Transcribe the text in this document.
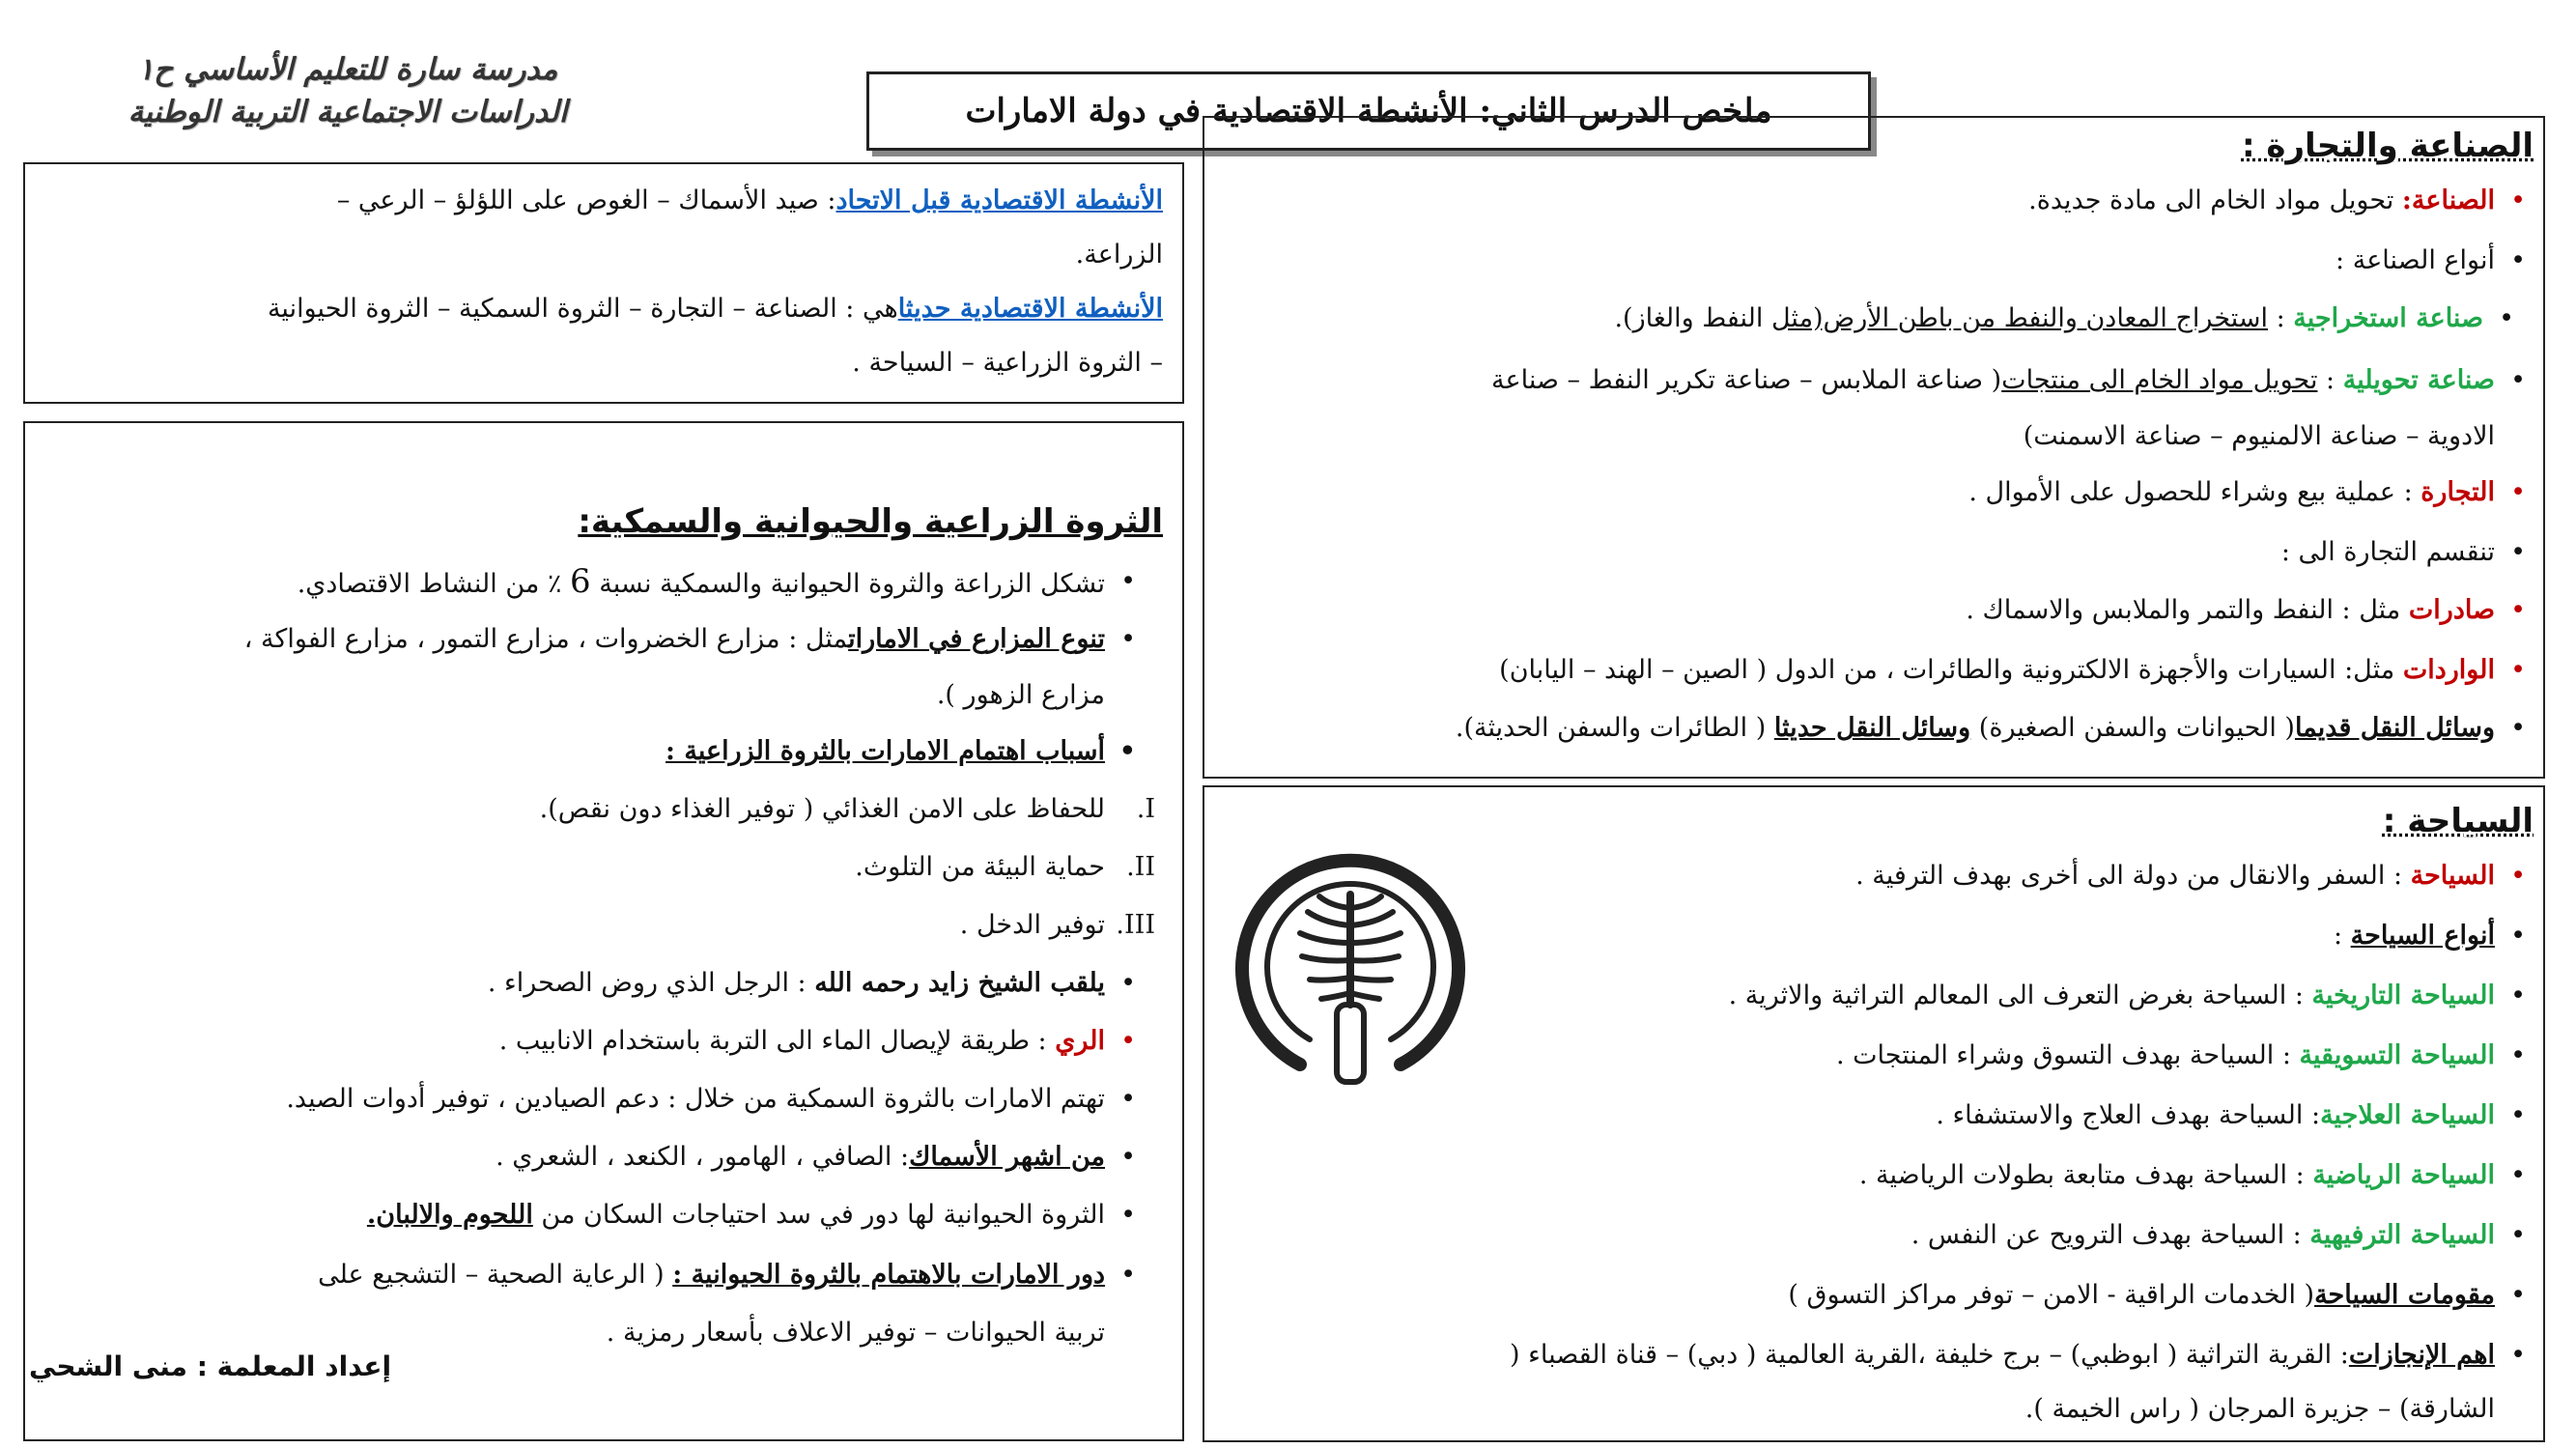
مدرسة سارة للتعليم الأساسي ح١
الدراسات الاجتماعية التربية الوطنية	ملخص الدرس الثاني: الأنشطة الاقتصادية في دولة الامارات
الصناعة والتجارة :
• الصناعة: تحويل مواد الخام الى مادة جديدة.
• أنواع الصناعة :
• صناعة استخراجية : استخراج المعادن والنفط من باطن الأرض(مثل النفط والغاز).
• صناعة تحويلية : تحويل مواد الخام الى منتجات( صناعة الملابس – صناعة تكرير النفط – صناعة
الادوية – صناعة الالمنيوم – صناعة الاسمنت)
• التجارة : عملية بيع وشراء للحصول على الأموال .
• تنقسم التجارة الى :
• صادرات مثل : النفط والتمر والملابس والاسماك .
• الواردات مثل: السيارات والأجهزة الالكترونية والطائرات ، من الدول ( الصين – الهند – اليابان)
• وسائل النقل قديما( الحيوانات والسفن الصغيرة) وسائل النقل حديثا ( الطائرات والسفن الحديثة).
السياحة :
• السياحة : السفر والانقال من دولة الى أخرى بهدف الترفية .
• أنواع السياحة :
• السياحة التاريخية : السياحة بغرض التعرف الى المعالم التراثية والاثرية .
• السياحة التسويقية : السياحة بهدف التسوق وشراء المنتجات .
• السياحة العلاجية: السياحة بهدف العلاج والاستشفاء .
• السياحة الرياضية : السياحة بهدف متابعة بطولات الرياضية .
• السياحة الترفيهية : السياحة بهدف الترويح عن النفس .
• مقومات السياحة( الخدمات الراقية - الامن – توفر مراكز التسوق )
• اهم الإنجازات: القرية التراثية ( ابوظبي) – برج خليفة ،القرية العالمية ( دبي) – قناة القصباء (
الشارقة) – جزيرة المرجان ( راس الخيمة ).
الأنشطة الاقتصادية قبل الاتحاد: صيد الأسماك – الغوص على اللؤلؤ – الرعي –
الزراعة.
الأنشطة الاقتصادية حديثاهي : الصناعة – التجارة – الثروة السمكية – الثروة الحيوانية
– الثروة الزراعية – السياحة .
الثروة الزراعية والحيوانية والسمكية:
• تشكل الزراعة والثروة الحيوانية والسمكية نسبة 6 ٪ من النشاط الاقتصادي.
• تنوع المزارع في الاماراتمثل : مزارع الخضروات ، مزارع التمور ، مزارع الفواكة ،
مزارع الزهور ).
• أسباب اهتمام الامارات بالثروة الزراعية :
I.
للحفاظ على الامن الغذائي ( توفير الغذاء دون نقص).
II.
حماية البيئة من التلوث.
III.
توفير الدخل .
• يلقب الشيخ زايد رحمه الله : الرجل الذي روض الصحراء .
• الري : طريقة لإيصال الماء الى التربة باستخدام الانابيب .
• تهتم الامارات بالثروة السمكية من خلال : دعم الصيادين ، توفير أدوات الصيد.
• من اشهر الأسماك: الصافي ، الهامور ، الكنعد ، الشعري .
• الثروة الحيوانية لها دور في سد احتياجات السكان من اللحوم والالبان.
• دور الامارات بالاهتمام بالثروة الحيوانية : ( الرعاية الصحية – التشجيع على
تربية الحيوانات – توفير الاعلاف بأسعار رمزية .
إعداد المعلمة : منى الشحي
